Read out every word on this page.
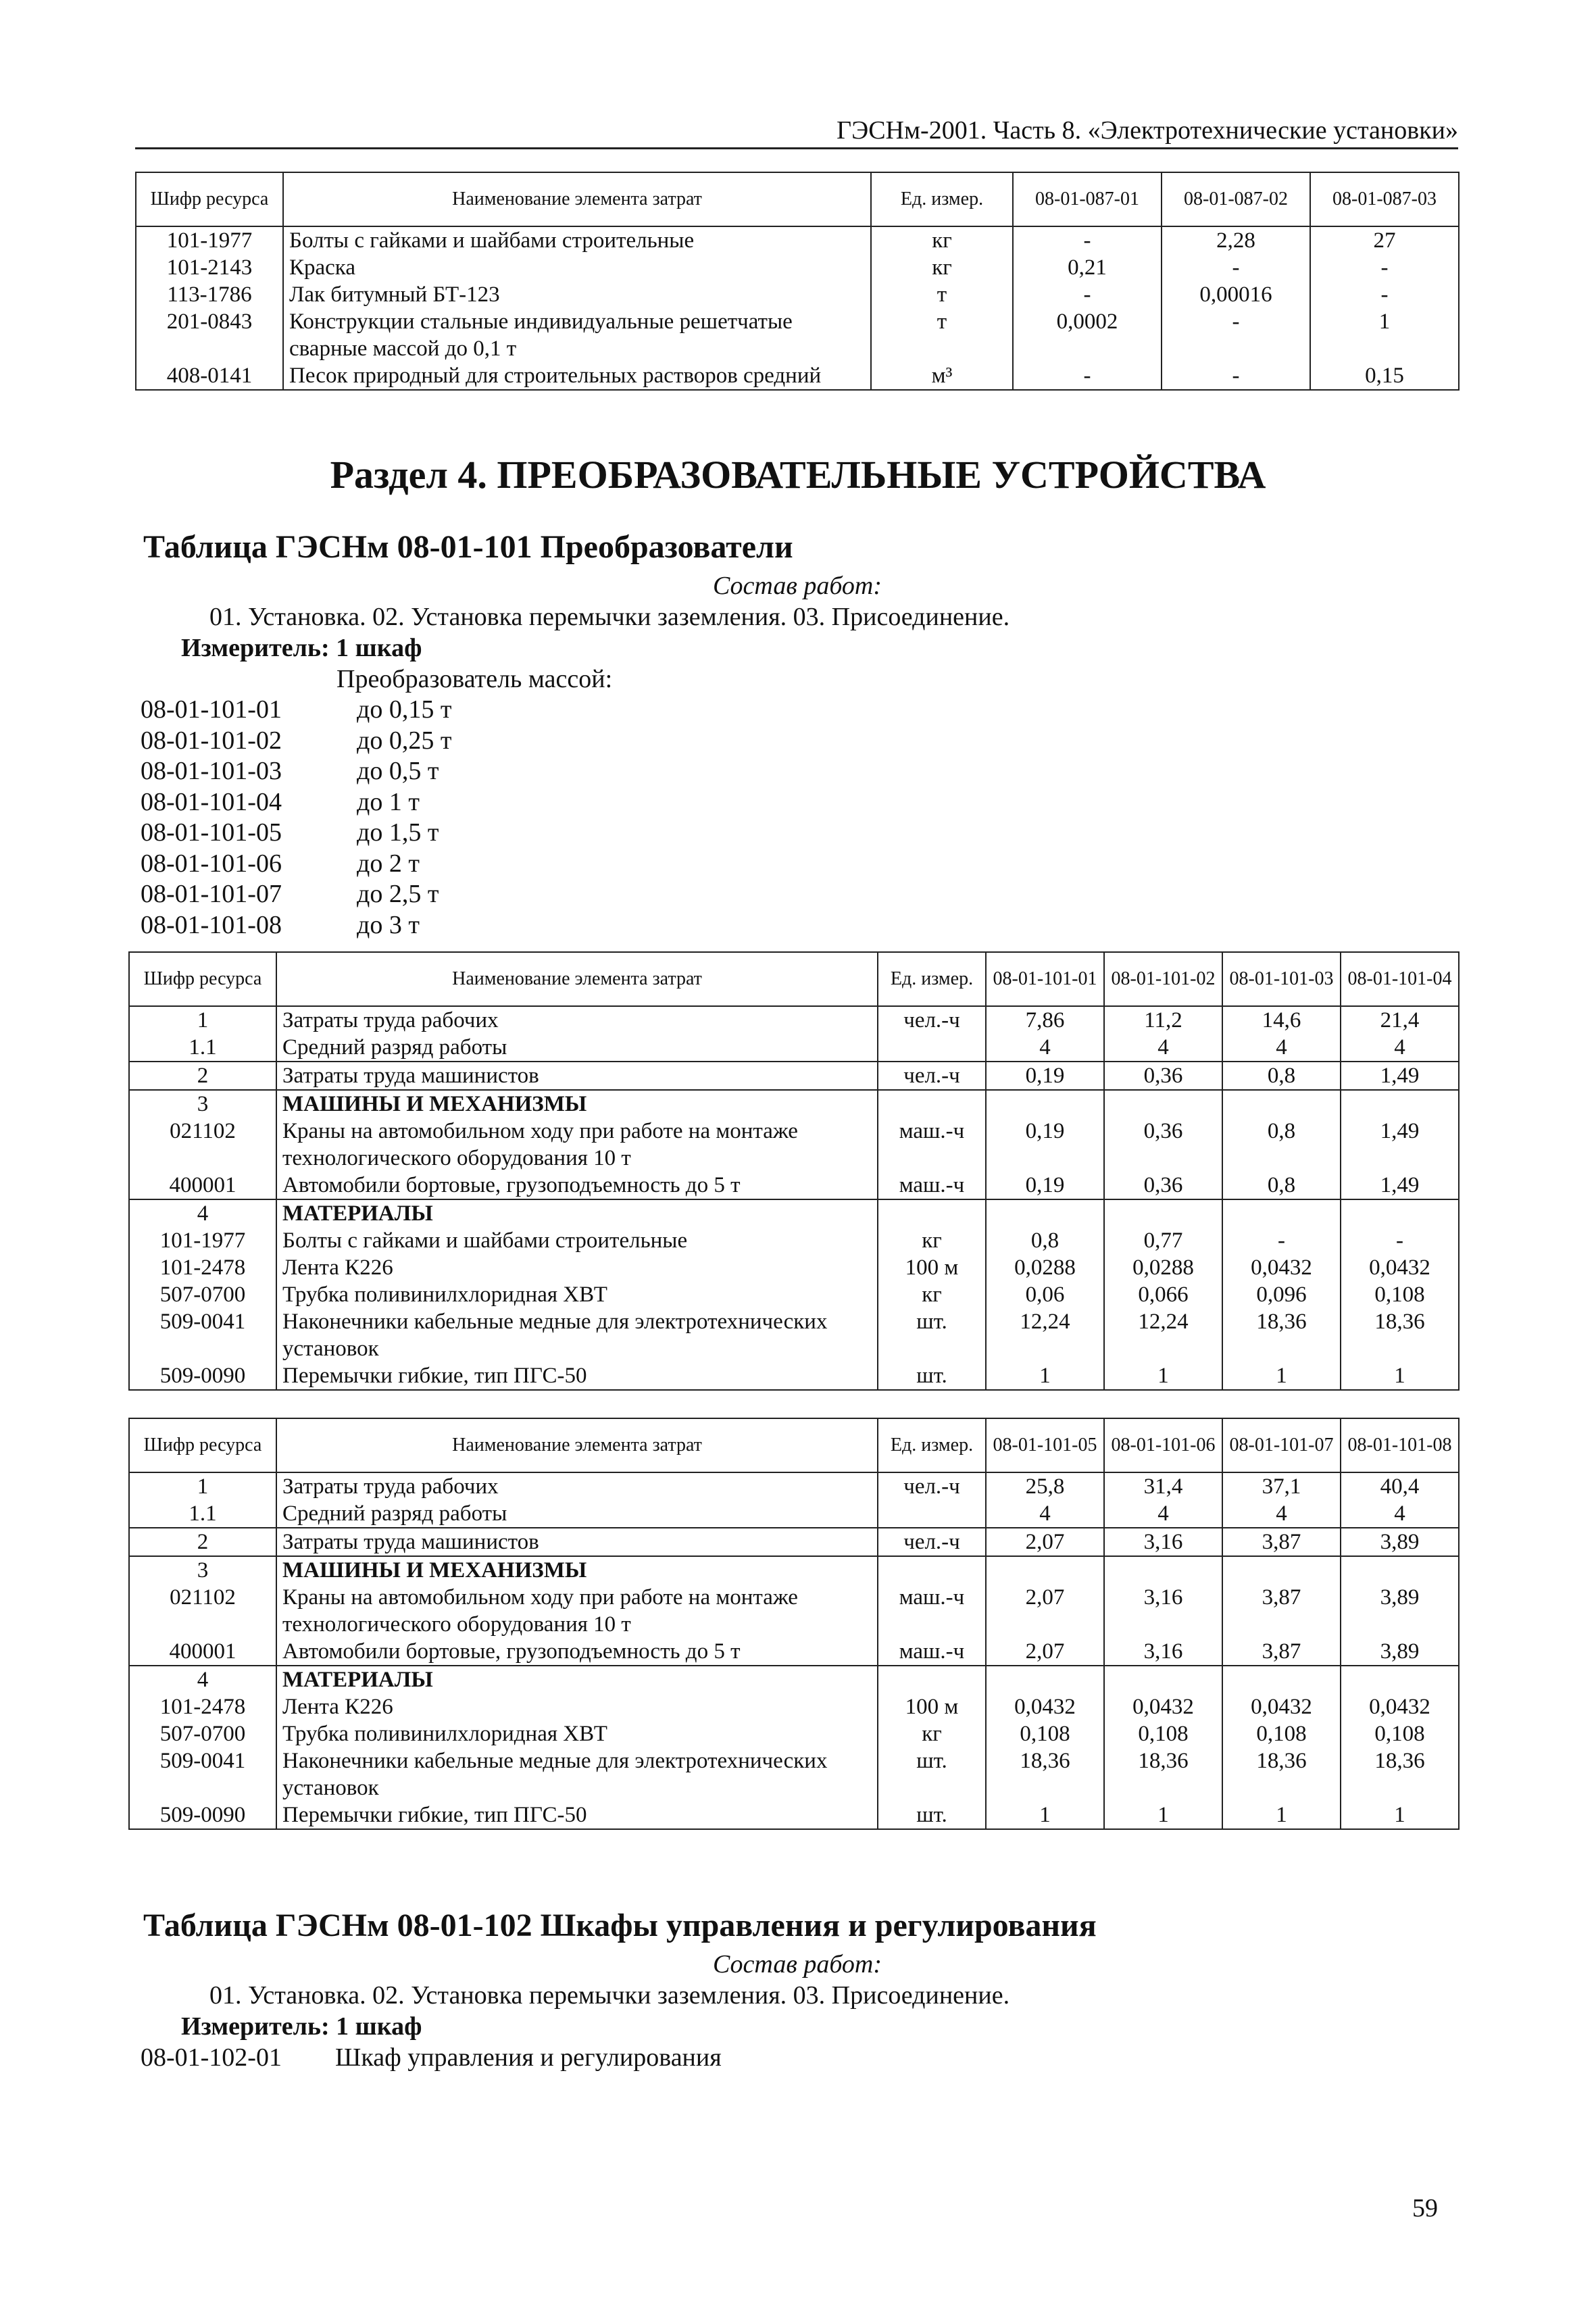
ГЭСНм-2001. Часть 8. «Электротехнические установки»
Шифр ресурса	Наименование элемента затрат	Ед. измер.	08-01-087-01	08-01-087-02	08-01-087-03
101-1977	Болты с гайками и шайбами строительные	кг	-	2,28	27
101-2143	Краска	кг	0,21	-	-
113-1786	Лак битумный БТ-123	т	-	0,00016	-
201-0843	Конструкции стальные индивидуальные решетчатые сварные массой до 0,1 т	т	0,0002	-	1
408-0141	Песок природный для строительных растворов средний	м³	-	-	0,15
Раздел 4. ПРЕОБРАЗОВАТЕЛЬНЫЕ УСТРОЙСТВА
Таблица ГЭСНм 08-01-101 Преобразователи
Состав работ:
01. Установка. 02. Установка перемычки заземления. 03. Присоединение.
Измеритель: 1 шкаф
Преобразователь массой:
08-01-101-01	до 0,15 т
08-01-101-02	до 0,25 т
08-01-101-03	до 0,5 т
08-01-101-04	до 1 т
08-01-101-05	до 1,5 т
08-01-101-06	до 2 т
08-01-101-07	до 2,5 т
08-01-101-08	до 3 т
Шифр ресурса	Наименование элемента затрат	Ед. измер.	08-01-101-01	08-01-101-02	08-01-101-03	08-01-101-04
1	Затраты труда рабочих	чел.-ч	7,86	11,2	14,6	21,4
1.1	Средний разряд работы		4	4	4	4
2	Затраты труда машинистов	чел.-ч	0,19	0,36	0,8	1,49
3	МАШИНЫ И МЕХАНИЗМЫ					
021102	Краны на автомобильном ходу при работе на монтаже технологического оборудования 10 т	маш.-ч	0,19	0,36	0,8	1,49
400001	Автомобили бортовые, грузоподъемность до 5 т	маш.-ч	0,19	0,36	0,8	1,49
4	МАТЕРИАЛЫ					
101-1977	Болты с гайками и шайбами строительные	кг	0,8	0,77	-	-
101-2478	Лента К226	100 м	0,0288	0,0288	0,0432	0,0432
507-0700	Трубка поливинилхлоридная ХВТ	кг	0,06	0,066	0,096	0,108
509-0041	Наконечники кабельные медные для электротехнических установок	шт.	12,24	12,24	18,36	18,36
509-0090	Перемычки гибкие, тип ПГС-50	шт.	1	1	1	1
Шифр ресурса	Наименование элемента затрат	Ед. измер.	08-01-101-05	08-01-101-06	08-01-101-07	08-01-101-08
1	Затраты труда рабочих	чел.-ч	25,8	31,4	37,1	40,4
1.1	Средний разряд работы		4	4	4	4
2	Затраты труда машинистов	чел.-ч	2,07	3,16	3,87	3,89
3	МАШИНЫ И МЕХАНИЗМЫ					
021102	Краны на автомобильном ходу при работе на монтаже технологического оборудования 10 т	маш.-ч	2,07	3,16	3,87	3,89
400001	Автомобили бортовые, грузоподъемность до 5 т	маш.-ч	2,07	3,16	3,87	3,89
4	МАТЕРИАЛЫ					
101-2478	Лента К226	100 м	0,0432	0,0432	0,0432	0,0432
507-0700	Трубка поливинилхлоридная ХВТ	кг	0,108	0,108	0,108	0,108
509-0041	Наконечники кабельные медные для электротехнических установок	шт.	18,36	18,36	18,36	18,36
509-0090	Перемычки гибкие, тип ПГС-50	шт.	1	1	1	1
Таблица ГЭСНм 08-01-102 Шкафы управления и регулирования
Состав работ:
01. Установка. 02. Установка перемычки заземления. 03. Присоединение.
Измеритель: 1 шкаф
08-01-102-01 Шкаф управления и регулирования
59
